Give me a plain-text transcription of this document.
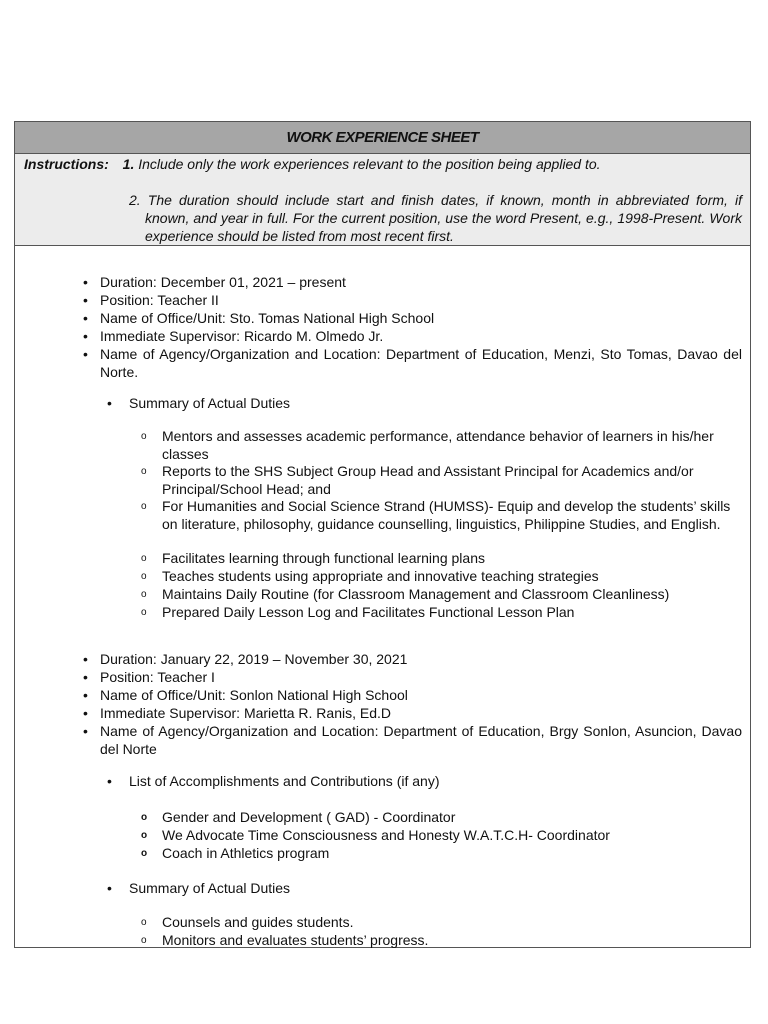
WORK EXPERIENCE SHEET
Instructions: 1. Include only the work experiences relevant to the position being applied to.
2. The duration should include start and finish dates, if known, month in abbreviated form, if known, and year in full. For the current position, use the word Present, e.g., 1998-Present. Work experience should be listed from most recent first.
• Duration: December 01, 2021 – present
• Position: Teacher II
• Name of Office/Unit: Sto. Tomas National High School
• Immediate Supervisor: Ricardo M. Olmedo Jr.
• Name of Agency/Organization and Location: Department of Education, Menzi, Sto Tomas, Davao del Norte.
• Summary of Actual Duties
o Mentors and assesses academic performance, attendance behavior of learners in his/her classes
o Reports to the SHS Subject Group Head and Assistant Principal for Academics and/or Principal/School Head; and
o For Humanities and Social Science Strand (HUMSS)- Equip and develop the students’ skills on literature, philosophy, guidance counselling, linguistics, Philippine Studies, and English.
o Facilitates learning through functional learning plans
o Teaches students using appropriate and innovative teaching strategies
o Maintains Daily Routine (for Classroom Management and Classroom Cleanliness)
o Prepared Daily Lesson Log and Facilitates Functional Lesson Plan
• Duration: January 22, 2019 – November 30, 2021
• Position: Teacher I
• Name of Office/Unit: Sonlon National High School
• Immediate Supervisor: Marietta R. Ranis, Ed.D
• Name of Agency/Organization and Location: Department of Education, Brgy Sonlon, Asuncion, Davao del Norte
• List of Accomplishments and Contributions (if any)
o Gender and Development ( GAD) - Coordinator
o We Advocate Time Consciousness and Honesty W.A.T.C.H- Coordinator
o Coach in Athletics program
• Summary of Actual Duties
o Counsels and guides students.
o Monitors and evaluates students’ progress.
